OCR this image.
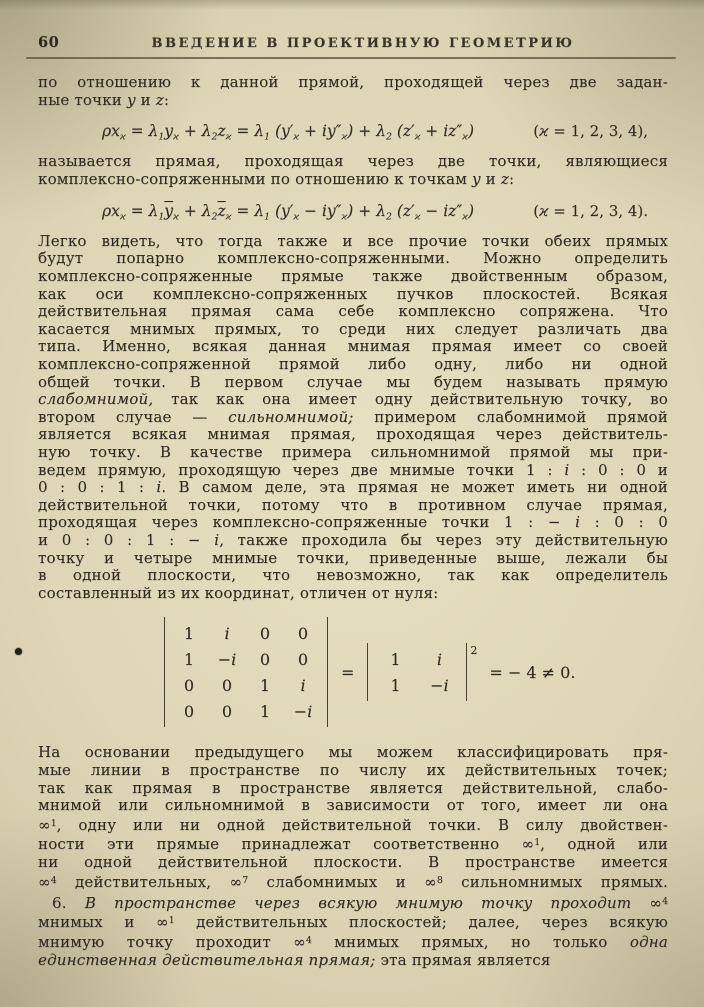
60	ВВЕДЕНИЕ В ПРОЕКТИВНУЮ ГЕОМЕТРИЮ
по отношению к данной прямой, проходящей через две задан-
ные точки y и z:
$\rho x_ϰ = \lambda_1y_ϰ + \lambda_2z_ϰ = \lambda_1$ $(y'_ϰ + iy''_ϰ) + \lambda_2$ $(z'_ϰ + iz''_ϰ)$	(ϰ = 1, 2, 3, 4),
называется прямая, проходящая через две точки, являющиеся
комплексно-сопряженными по отношению к точкам y и z:
$\rho x_ϰ = \lambda_1\overline{y}_ϰ + \lambda_2\overline{z}_ϰ = \lambda_1$ $(y'_ϰ - iy''_ϰ) + \lambda_2$ $(z'_ϰ - iz''_ϰ)$	(ϰ = 1, 2, 3, 4).
Легко видеть, что тогда также и все прочие точки обеих прямых
будут попарно комплексно-сопряженными. Можно определить
комплексно-сопряженные прямые также двойственным образом,
как оси комплексно-сопряженных пучков плоскостей. Всякая
действительная прямая сама себе комплексно сопряжена. Что
касается мнимых прямых, то среди них следует различать два
типа. Именно, всякая данная мнимая прямая имеет со своей
комплексно-сопряженной прямой либо одну, либо ни одной
общей точки. В первом случае мы будем называть прямую
слабомнимой, так как она имеет одну действительную точку, во
втором случае — сильномнимой; примером слабомнимой прямой
является всякая мнимая прямая, проходящая через действитель-
ную точку. В качестве примера сильномнимой прямой мы при-
ведем прямую, проходящую через две мнимые точки 1 : i : 0 : 0 и
0 : 0 : 1 : i. В самом деле, эта прямая не может иметь ни одной
действительной точки, потому что в противном случае прямая,
проходящая через комплексно-сопряженные точки 1 : − i : 0 : 0
и 0 : 0 : 1 : − i, также проходила бы через эту действительную
точку и четыре мнимые точки, приведенные выше, лежали бы
в одной плоскости, что невозможно, так как определитель
составленный из их координат, отличен от нуля:
1	i	0	0
1	−i	0	0
0	0	1	i
0	0	1	−i
=
1	i
1	−i
2
= − 4 ≠ 0.
На основании предыдущего мы можем классифицировать пря-
мые линии в пространстве по числу их действительных точек;
так как прямая в пространстве является действительной, слабо-
мнимой или сильномнимой в зависимости от того, имеет ли она
∞$^1$, одну или ни одной действительной точки. В силу двойствен-
ности эти прямые принадлежат соответственно ∞$^1$, одной или
ни одной действительной плоскости. В пространстве имеется
∞$^4$ действительных, ∞$^7$ слабомнимых и ∞$^8$ сильномнимых прямых.
6. В пространстве через всякую мнимую точку проходит ∞$^4$
мнимых и ∞$^1$ действительных плоскостей; далее, через всякую
мнимую точку проходит ∞$^4$ мнимых прямых, но только одна
единственная действительная прямая; эта прямая является
